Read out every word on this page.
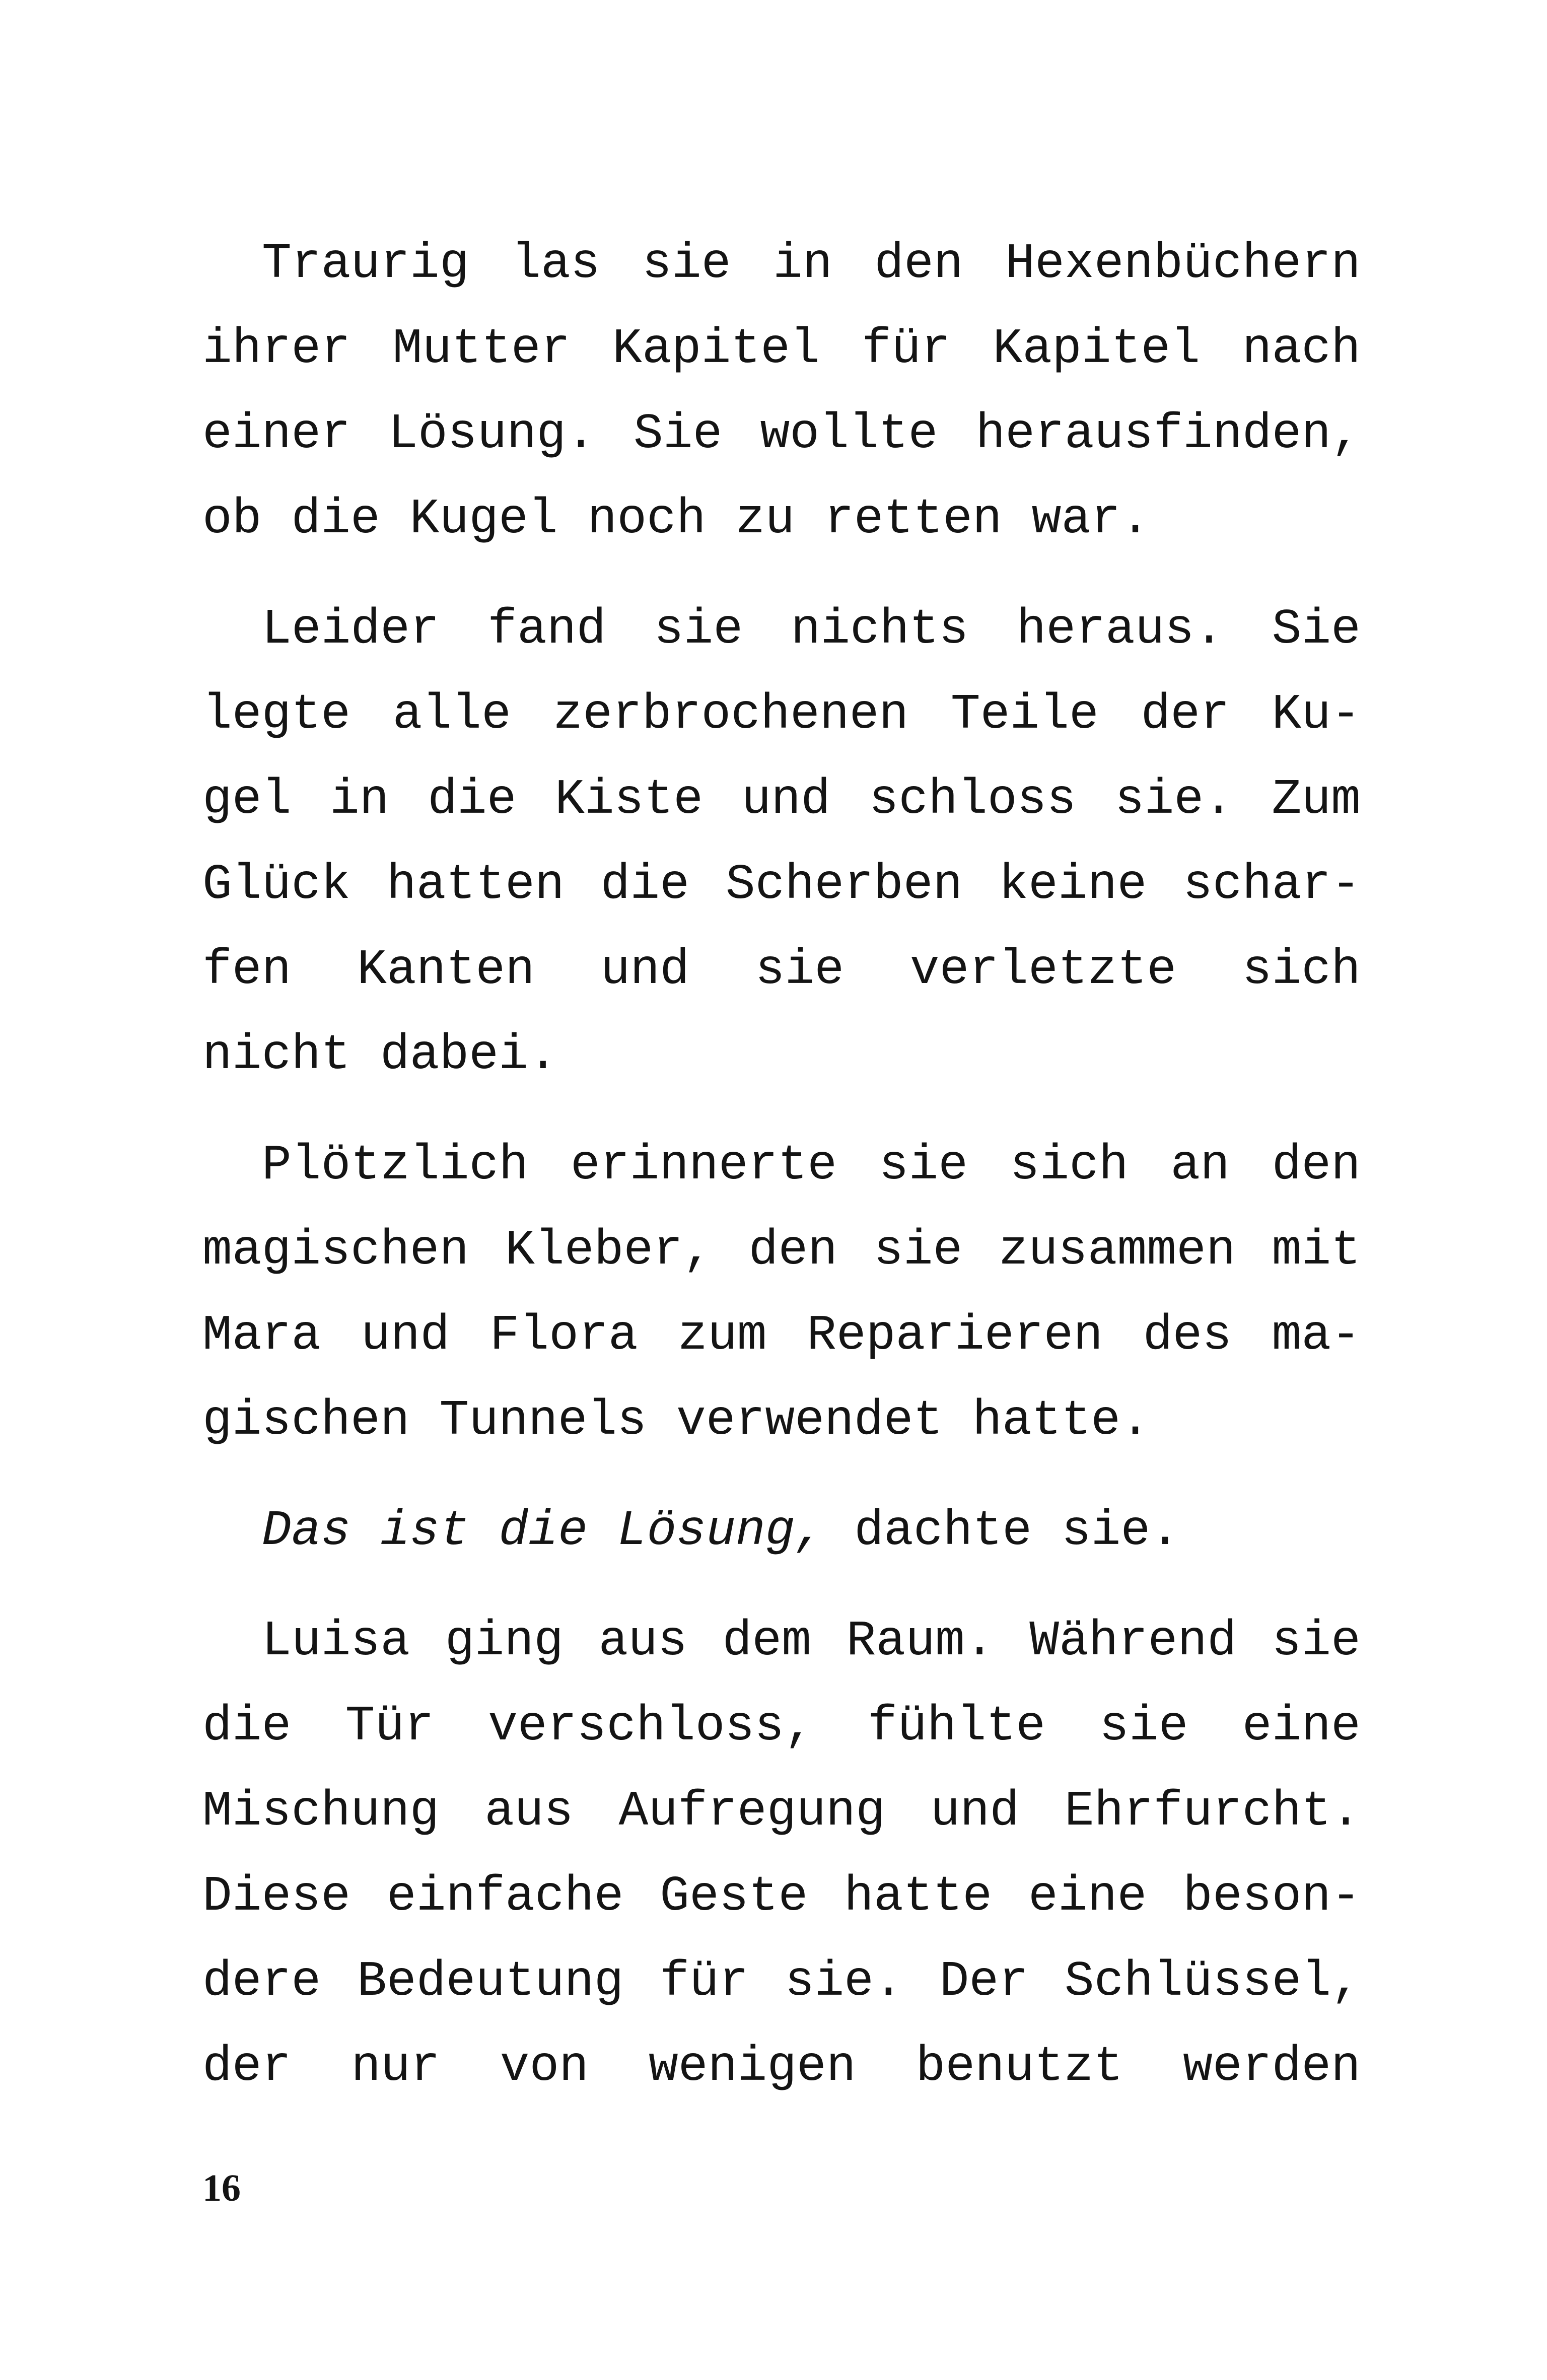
Traurig las sie in den Hexenbüchern
ihrer Mutter Kapitel für Kapitel nach
einer Lösung. Sie wollte herausfinden,
ob die Kugel noch zu retten war.
Leider fand sie nichts heraus. Sie
legte alle zerbrochenen Teile der Ku-
gel in die Kiste und schloss sie. Zum
Glück hatten die Scherben keine schar-
fen Kanten und sie verletzte sich
nicht dabei.
Plötzlich erinnerte sie sich an den
magischen Kleber, den sie zusammen mit
Mara und Flora zum Reparieren des ma-
gischen Tunnels verwendet hatte.
Das ist die Lösung, dachte sie.
Luisa ging aus dem Raum. Während sie
die Tür verschloss, fühlte sie eine
Mischung aus Aufregung und Ehrfurcht.
Diese einfache Geste hatte eine beson-
dere Bedeutung für sie. Der Schlüssel,
der nur von wenigen benutzt werden
16
